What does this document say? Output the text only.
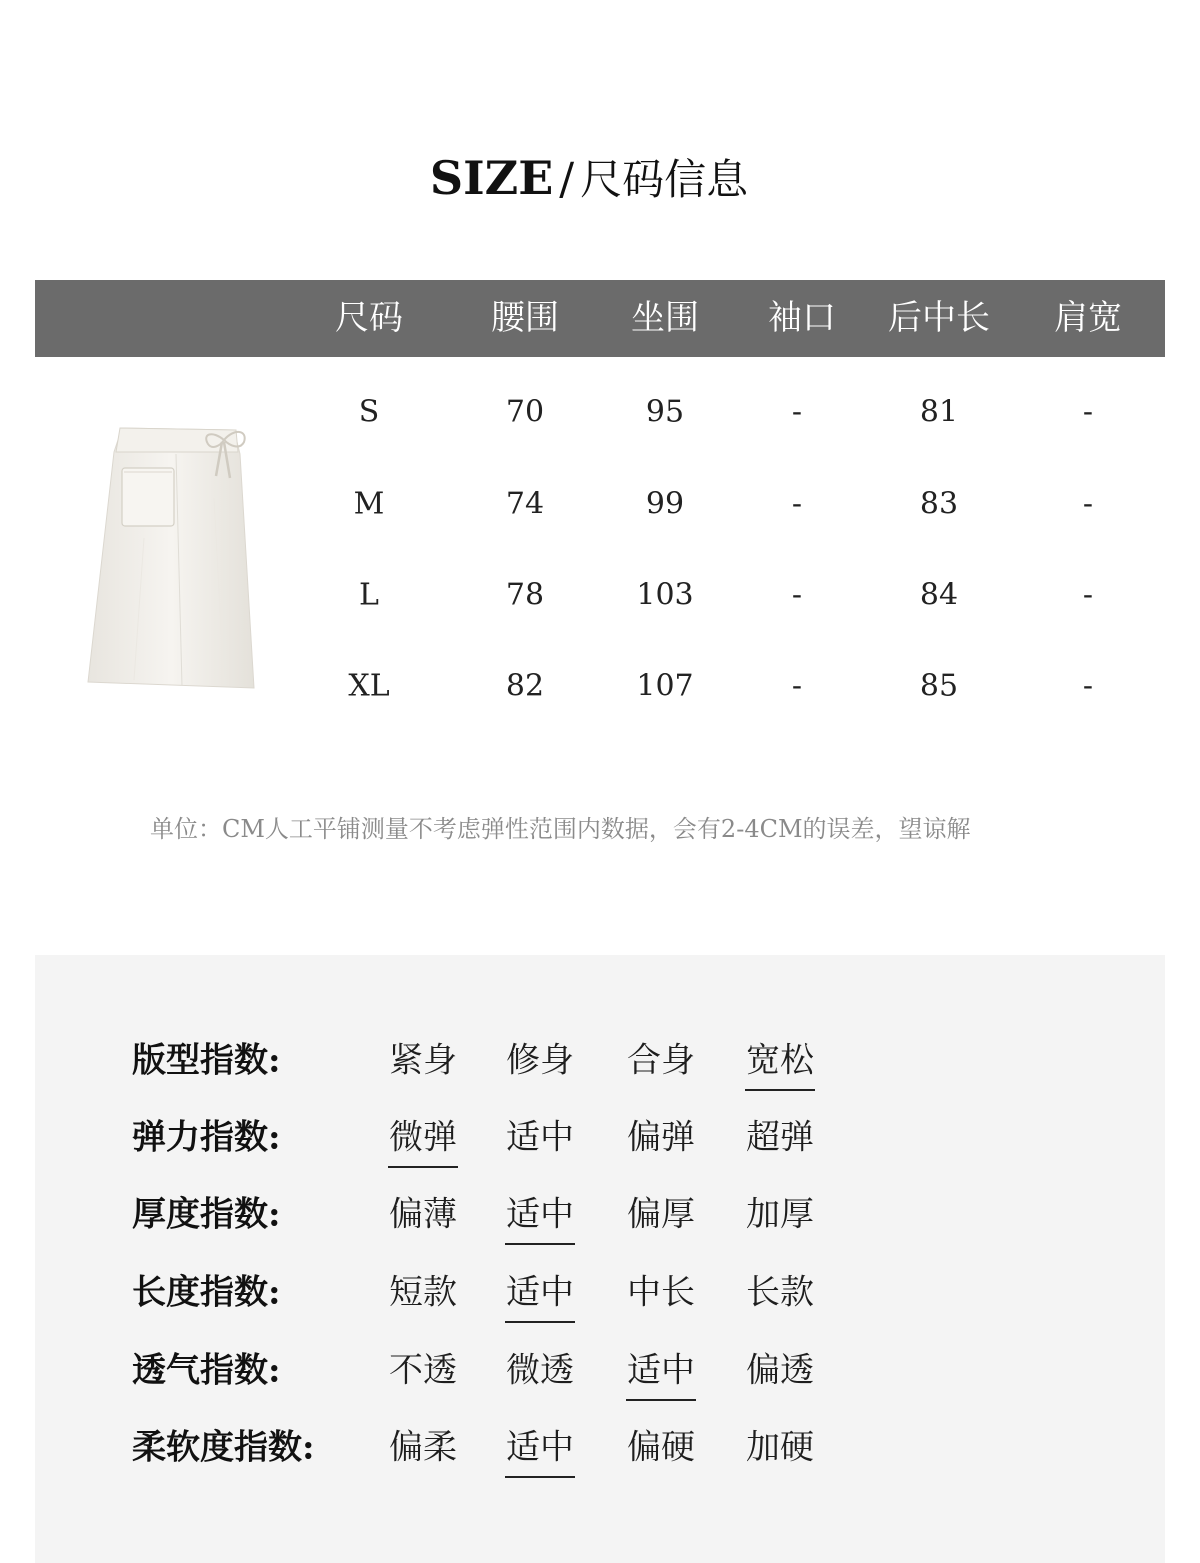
SIZE / 尺码信息
尺码	腰围 坐围 袖口 后中长 肩宽
S	70	95	-	81	-
M	74	99	-	83	-
L	78	103	-	84	-
XL	82	107	-	85	-
单位：CM人工平铺测量不考虑弹性范围内数据，会有2-4CM的误差，望谅解
版型指数:	紧身 修身 合身 宽松
弹力指数:	微弹 适中 偏弹 超弹
厚度指数:	偏薄 适中 偏厚 加厚
长度指数:	短款 适中 中长 长款
透气指数:	不透 微透 适中 偏透
柔软度指数: 偏柔 适中 偏硬 加硬
